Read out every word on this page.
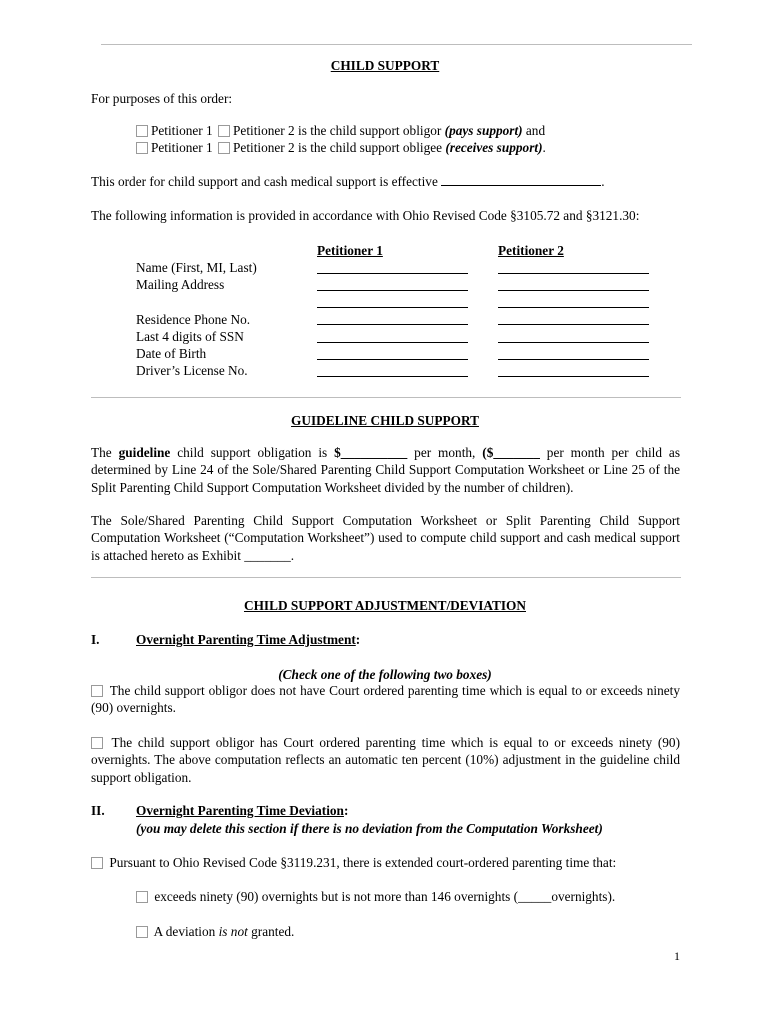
CHILD SUPPORT
For purposes of this order:
Petitioner 1 Petitioner 2 is the child support obligor (pays support) and
Petitioner 1 Petitioner 2 is the child support obligee (receives support).
This order for child support and cash medical support is effective	.
The following information is provided in accordance with Ohio Revised Code §3105.72 and §3121.30:
Petitioner 1	Petitioner 2
Name (First, MI, Last)
Mailing Address
Residence Phone No.
Last 4 digits of SSN
Date of Birth
Driver’s License No.
GUIDELINE CHILD SUPPORT
The guideline child support obligation is $__________ per month, ($_______ per month per child as determined by Line 24 of the Sole/Shared Parenting Child Support Computation Worksheet or Line 25 of the Split Parenting Child Support Computation Worksheet divided by the number of children).
The Sole/Shared Parenting Child Support Computation Worksheet or Split Parenting Child Support Computation Worksheet (“Computation Worksheet”) used to compute child support and cash medical support is attached hereto as Exhibit _______.
CHILD SUPPORT ADJUSTMENT/DEVIATION
I.	Overnight Parenting Time Adjustment:
(Check one of the following two boxes)
The child support obligor does not have Court ordered parenting time which is equal to or exceeds ninety (90) overnights.
The child support obligor has Court ordered parenting time which is equal to or exceeds ninety (90) overnights. The above computation reflects an automatic ten percent (10%) adjustment in the guideline child support obligation.
II. Overnight Parenting Time Deviation:
(you may delete this section if there is no deviation from the Computation Worksheet)
Pursuant to Ohio Revised Code §3119.231, there is extended court-ordered parenting time that:
exceeds ninety (90) overnights but is not more than 146 overnights (_____overnights).
A deviation is not granted.
1
